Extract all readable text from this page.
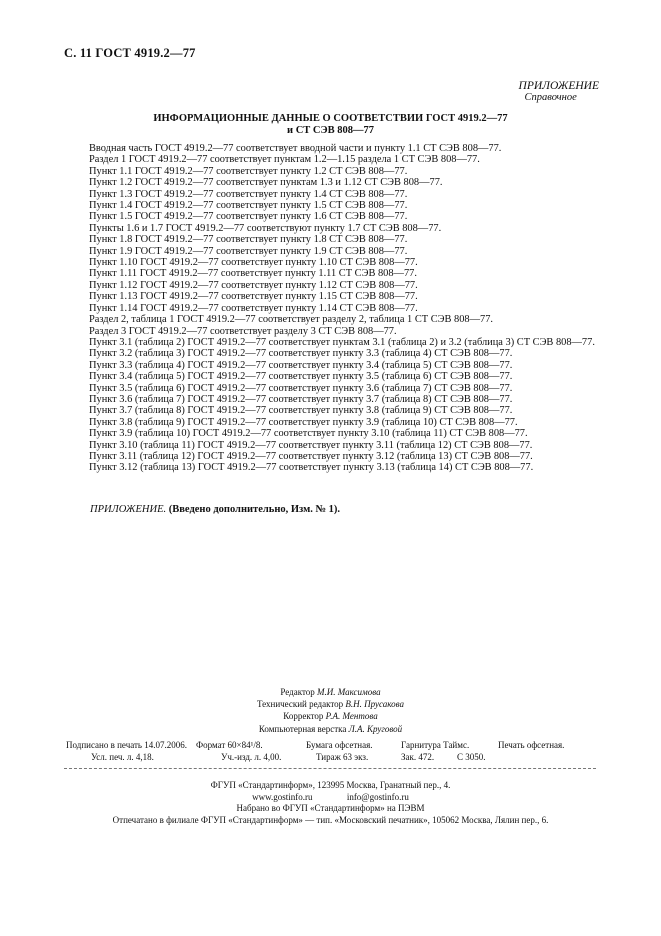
С. 11 ГОСТ 4919.2—77
ПРИЛОЖЕНИЕ
Справочное
ИНФОРМАЦИОННЫЕ ДАННЫЕ О СООТВЕТСТВИИ ГОСТ 4919.2—77
и СТ СЭВ 808—77

Вводная часть ГОСТ 4919.2—77 соответствует вводной части и пункту 1.1 СТ СЭВ 808—77.

Раздел 1 ГОСТ 4919.2—77 соответствует пунктам 1.2—1.15 раздела 1 СТ СЭВ 808—77.

Пункт 1.1 ГОСТ 4919.2—77 соответствует пункту 1.2 СТ СЭВ 808—77.

Пункт 1.2 ГОСТ 4919.2—77 соответствует пунктам 1.3 и 1.12 СТ СЭВ 808—77.

Пункт 1.3 ГОСТ 4919.2—77 соответствует пункту 1.4 СТ СЭВ 808—77.

Пункт 1.4 ГОСТ 4919.2—77 соответствует пункту 1.5 СТ СЭВ 808—77.

Пункт 1.5 ГОСТ 4919.2—77 соответствует пункту 1.6 СТ СЭВ 808—77.

Пункты 1.6 и 1.7 ГОСТ 4919.2—77 соответствуют пункту 1.7 СТ СЭВ 808—77.

Пункт 1.8 ГОСТ 4919.2—77 соответствует пункту 1.8 СТ СЭВ 808—77.

Пункт 1.9 ГОСТ 4919.2—77 соответствует пункту 1.9 СТ СЭВ 808—77.

Пункт 1.10 ГОСТ 4919.2—77 соответствует пункту 1.10 СТ СЭВ 808—77.

Пункт 1.11 ГОСТ 4919.2—77 соответствует пункту 1.11 СТ СЭВ 808—77.

Пункт 1.12 ГОСТ 4919.2—77 соответствует пункту 1.12 СТ СЭВ 808—77.

Пункт 1.13 ГОСТ 4919.2—77 соответствует пункту 1.15 СТ СЭВ 808—77.

Пункт 1.14 ГОСТ 4919.2—77 соответствует пункту 1.14 СТ СЭВ 808—77.

Раздел 2, таблица 1 ГОСТ 4919.2—77 соответствует разделу 2, таблица 1 СТ СЭВ 808—77.

Раздел 3 ГОСТ 4919.2—77 соответствует разделу 3 СТ СЭВ 808—77.

Пункт 3.1 (таблица 2) ГОСТ 4919.2—77 соответствует пунктам 3.1 (таблица 2) и 3.2 (таблица 3) СТ СЭВ 808—77.

Пункт 3.2 (таблица 3) ГОСТ 4919.2—77 соответствует пункту 3.3 (таблица 4) СТ СЭВ 808—77.

Пункт 3.3 (таблица 4) ГОСТ 4919.2—77 соответствует пункту 3.4 (таблица 5) СТ СЭВ 808—77.

Пункт 3.4 (таблица 5) ГОСТ 4919.2—77 соответствует пункту 3.5 (таблица 6) СТ СЭВ 808—77.

Пункт 3.5 (таблица 6) ГОСТ 4919.2—77 соответствует пункту 3.6 (таблица 7) СТ СЭВ 808—77.

Пункт 3.6 (таблица 7) ГОСТ 4919.2—77 соответствует пункту 3.7 (таблица 8) СТ СЭВ 808—77.

Пункт 3.7 (таблица 8) ГОСТ 4919.2—77 соответствует пункту 3.8 (таблица 9) СТ СЭВ 808—77.

Пункт 3.8 (таблица 9) ГОСТ 4919.2—77 соответствует пункту 3.9 (таблица 10) СТ СЭВ 808—77.

Пункт 3.9 (таблица 10) ГОСТ 4919.2—77 соответствует пункту 3.10 (таблица 11) СТ СЭВ 808—77.

Пункт 3.10 (таблица 11) ГОСТ 4919.2—77 соответствует пункту 3.11 (таблица 12) СТ СЭВ 808—77.

Пункт 3.11 (таблица 12) ГОСТ 4919.2—77 соответствует пункту 3.12 (таблица 13) СТ СЭВ 808—77.

Пункт 3.12 (таблица 13) ГОСТ 4919.2—77 соответствует пункту 3.13 (таблица 14) СТ СЭВ 808—77.

ПРИЛОЖЕНИЕ. (Введено дополнительно, Изм. № 1).
Редактор М.И. Максимова
Технический редактор В.Н. Прусакова
Корректор Р.А. Ментова
Компьютерная верстка Л.А. Круговой
Подписано в печать 14.07.2006. Формат 60×84¹/8.	Бумага офсетная.	Гарнитура Таймс.	Печать офсетная.
Усл. печ. л. 4,18.	Уч.-изд. л. 4,00.	Тираж 63 экз.	Зак. 472.	С 3050.
ФГУП «Стандартинформ», 123995 Москва, Гранатный пер., 4.
www.gostinfo.ru	info@gostinfo.ru
Набрано во ФГУП «Стандартинформ» на ПЭВМ
Отпечатано в филиале ФГУП «Стандартинформ» — тип. «Московский печатник», 105062 Москва, Лялин пер., 6.
